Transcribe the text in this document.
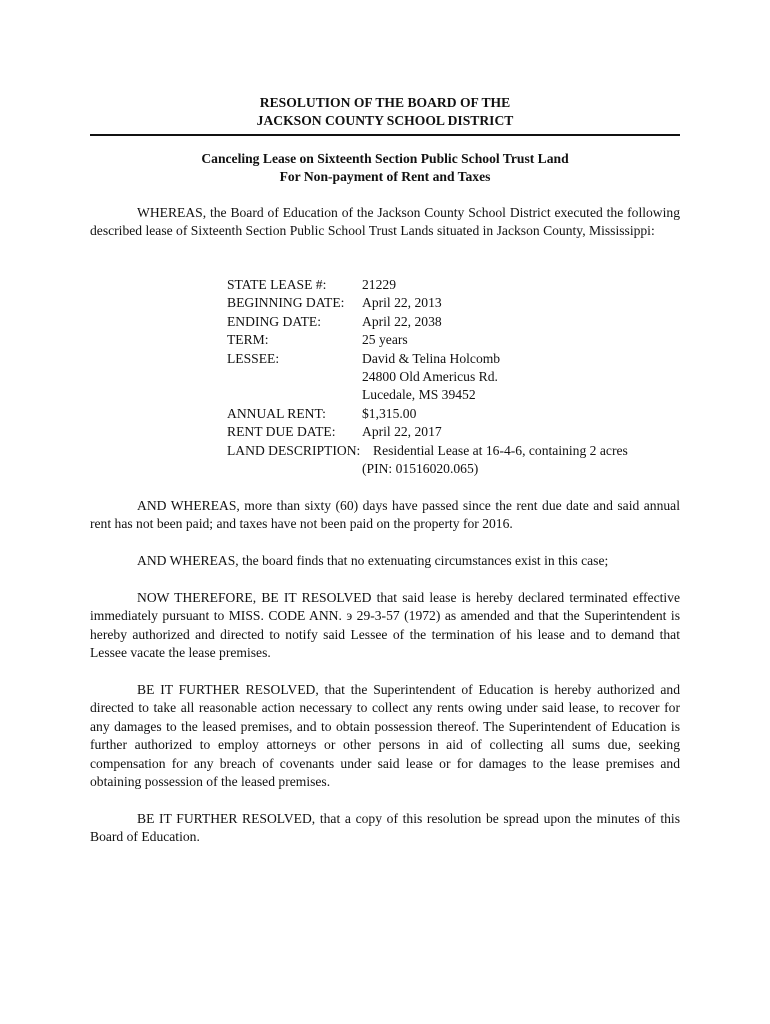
RESOLUTION OF THE BOARD OF THE
JACKSON COUNTY SCHOOL DISTRICT
Canceling Lease on Sixteenth Section Public School Trust Land
For Non-payment of Rent and Taxes

WHEREAS, the Board of Education of the Jackson County School District executed the following described lease of Sixteenth Section Public School Trust Lands situated in Jackson County, Mississippi:

STATE LEASE #:	21229
BEGINNING DATE: April 22, 2013
ENDING DATE:	April 22, 2038
TERM:	25 years
LESSEE:	David & Telina Holcomb
24800 Old Americus Rd.
Lucedale, MS 39452
ANNUAL RENT:	$1,315.00
RENT DUE DATE: April 22, 2017
LAND DESCRIPTION: Residential Lease at 16-4-6, containing 2 acres
(PIN: 01516020.065)

AND WHEREAS, more than sixty (60) days have passed since the rent due date and said annual rent has not been paid; and taxes have not been paid on the property for 2016.

AND WHEREAS, the board finds that no extenuating circumstances exist in this case;

NOW THEREFORE, BE IT RESOLVED that said lease is hereby declared terminated effective immediately pursuant to MISS. CODE ANN. э 29-3-57 (1972) as amended and that the Superintendent is hereby authorized and directed to notify said Lessee of the termination of his lease and to demand that Lessee vacate the lease premises.

BE IT FURTHER RESOLVED, that the Superintendent of Education is hereby authorized and directed to take all reasonable action necessary to collect any rents owing under said lease, to recover for any damages to the leased premises, and to obtain possession thereof. The Superintendent of Education is further authorized to employ attorneys or other persons in aid of collecting all sums due, seeking compensation for any breach of covenants under said lease or for damages to the lease premises and obtaining possession of the leased premises.

BE IT FURTHER RESOLVED, that a copy of this resolution be spread upon the minutes of this Board of Education.
